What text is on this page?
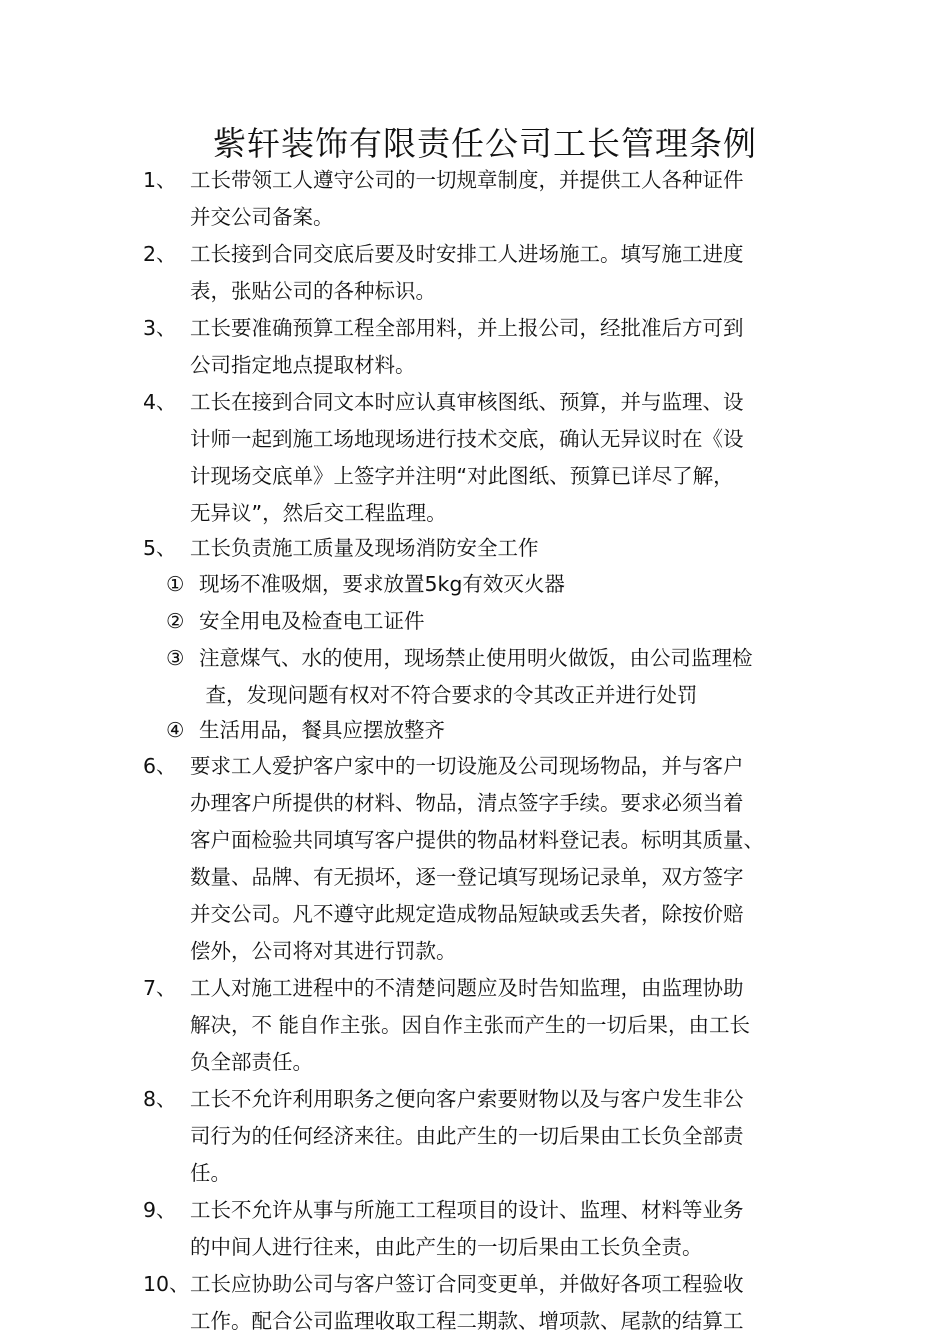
紫轩装饰有限责任公司工长管理条例
1、 工长带领工人遵守公司的一切规章制度，并提供工人各种证件
并交公司备案。
2、 工长接到合同交底后要及时安排工人进场施工。填写施工进度
表，张贴公司的各种标识。
3、 工长要准确预算工程全部用料，并上报公司，经批准后方可到
公司指定地点提取材料。
4、 工长在接到合同文本时应认真审核图纸、预算，并与监理、设
计师一起到施工场地现场进行技术交底，确认无异议时在《设
计现场交底单》上签字并注明“对此图纸、预算已详尽了解，
无异议”，然后交工程监理。
5、 工长负责施工质量及现场消防安全工作
① 现场不准吸烟，要求放置5kg有效灭火器
② 安全用电及检查电工证件
③ 注意煤气、水的使用，现场禁止使用明火做饭，由公司监理检
查，发现问题有权对不符合要求的令其改正并进行处罚
④ 生活用品，餐具应摆放整齐
6、 要求工人爱护客户家中的一切设施及公司现场物品，并与客户
办理客户所提供的材料、物品，清点签字手续。要求必须当着
客户面检验共同填写客户提供的物品材料登记表。标明其质量、
数量、品牌、有无损坏，逐一登记填写现场记录单，双方签字
并交公司。凡不遵守此规定造成物品短缺或丢失者，除按价赔
偿外，公司将对其进行罚款。
7、 工人对施工进程中的不清楚问题应及时告知监理，由监理协助
解决，不 能自作主张。因自作主张而产生的一切后果，由工长
负全部责任。
8、 工长不允许利用职务之便向客户索要财物以及与客户发生非公
司行为的任何经济来往。由此产生的一切后果由工长负全部责
任。
9、 工长不允许从事与所施工工程项目的设计、监理、材料等业务
的中间人进行往来，由此产生的一切后果由工长负全责。
10、 工长应协助公司与客户签订合同变更单，并做好各项工程验收
工作。配合公司监理收取工程二期款、增项款、尾款的结算工
